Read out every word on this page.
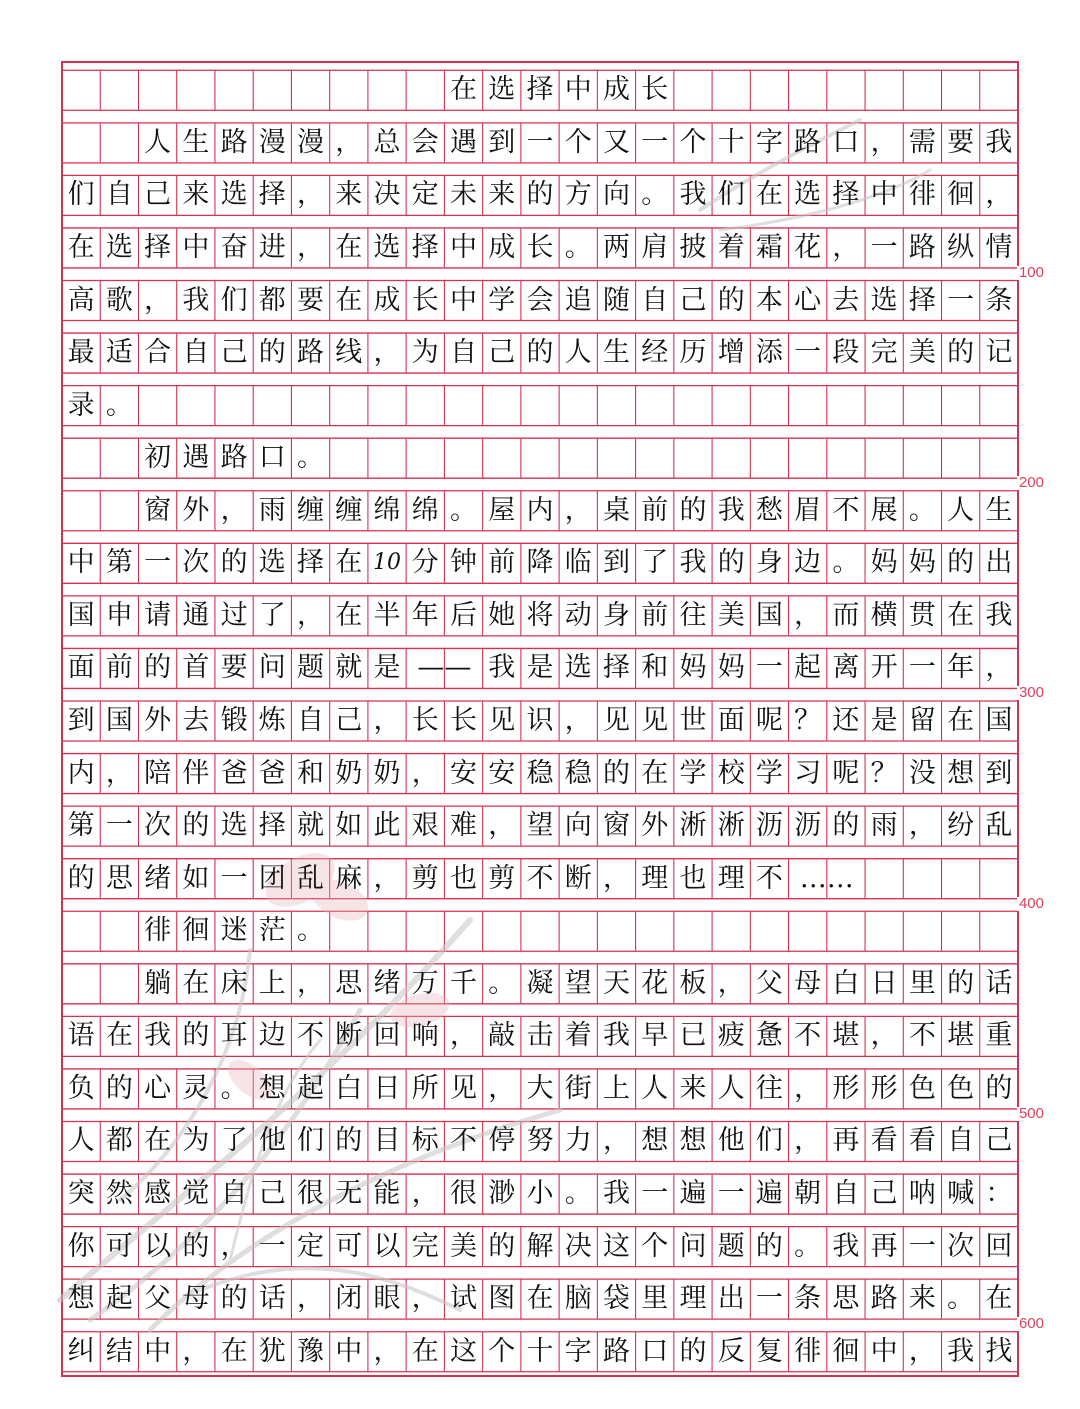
在 选 择 中 成 长
人 生 路 漫 漫 ， 总 会 遇 到 一 个 又 一 个 十 字 路 口 ， 需 要 我
们 自 己 来 选 择 ， 来 决 定 未 来 的 方 向 。 我 们 在 选 择 中 徘 徊 ，
在 选 择 中 奋 进 ， 在 选 择 中 成 长 。 两 肩 披 着 霜 花 ， 一 路 纵 情
高 歌 ， 我 们 都 要 在 成 长 中 学 会 追 随 自 己 的 本 心 去 选 择 一 条
最 适 合 自 己 的 路 线 ， 为 自 己 的 人 生 经 历 增 添 一 段 完 美 的 记
录 。
初 遇 路 口 。
窗 外 ， 雨 缠 缠 绵 绵 。 屋 内 ， 桌 前 的 我 愁 眉 不 展 。 人 生
中 第 一 次 的 选 择 在 10 分 钟 前 降 临 到 了 我 的 身 边 。 妈 妈 的 出
国 申 请 通 过 了 ， 在 半 年 后 她 将 动 身 前 往 美 国 ， 而 横 贯 在 我
面 前 的 首 要 问 题 就 是 —— 我 是 选 择 和 妈 妈 一 起 离 开 一 年 ，
到 国 外 去 锻 炼 自 己 ， 长 长 见 识 ， 见 见 世 面 呢 ？ 还 是 留 在 国
内 ， 陪 伴 爸 爸 和 奶 奶 ， 安 安 稳 稳 的 在 学 校 学 习 呢 ？ 没 想 到
第 一 次 的 选 择 就 如 此 艰 难 ， 望 向 窗 外 淅 淅 沥 沥 的 雨 ， 纷 乱
的 思 绪 如 一 团 乱 麻 ， 剪 也 剪 不 断 ， 理 也 理 不 ……
徘 徊 迷 茫 。
躺 在 床 上 ， 思 绪 万 千 。 凝 望 天 花 板 ， 父 母 白 日 里 的 话
语 在 我 的 耳 边 不 断 回 响 ， 敲 击 着 我 早 已 疲 惫 不 堪 ， 不 堪 重
负 的 心 灵 。 想 起 白 日 所 见 ， 大 街 上 人 来 人 往 ， 形 形 色 色 的
人 都 在 为 了 他 们 的 目 标 不 停 努 力 ， 想 想 他 们 ， 再 看 看 自 己
突 然 感 觉 自 己 很 无 能 ， 很 渺 小 。 我 一 遍 一 遍 朝 自 己 呐 喊 ：
你 可 以 的 ， 一 定 可 以 完 美 的 解 决 这 个 问 题 的 。 我 再 一 次 回
想 起 父 母 的 话 ， 闭 眼 ， 试 图 在 脑 袋 里 理 出 一 条 思 路 来 。 在
纠 结 中 ， 在 犹 豫 中 ， 在 这 个 十 字 路 口 的 反 复 徘 徊 中 ， 我 找
100
200
300
400
500
600
